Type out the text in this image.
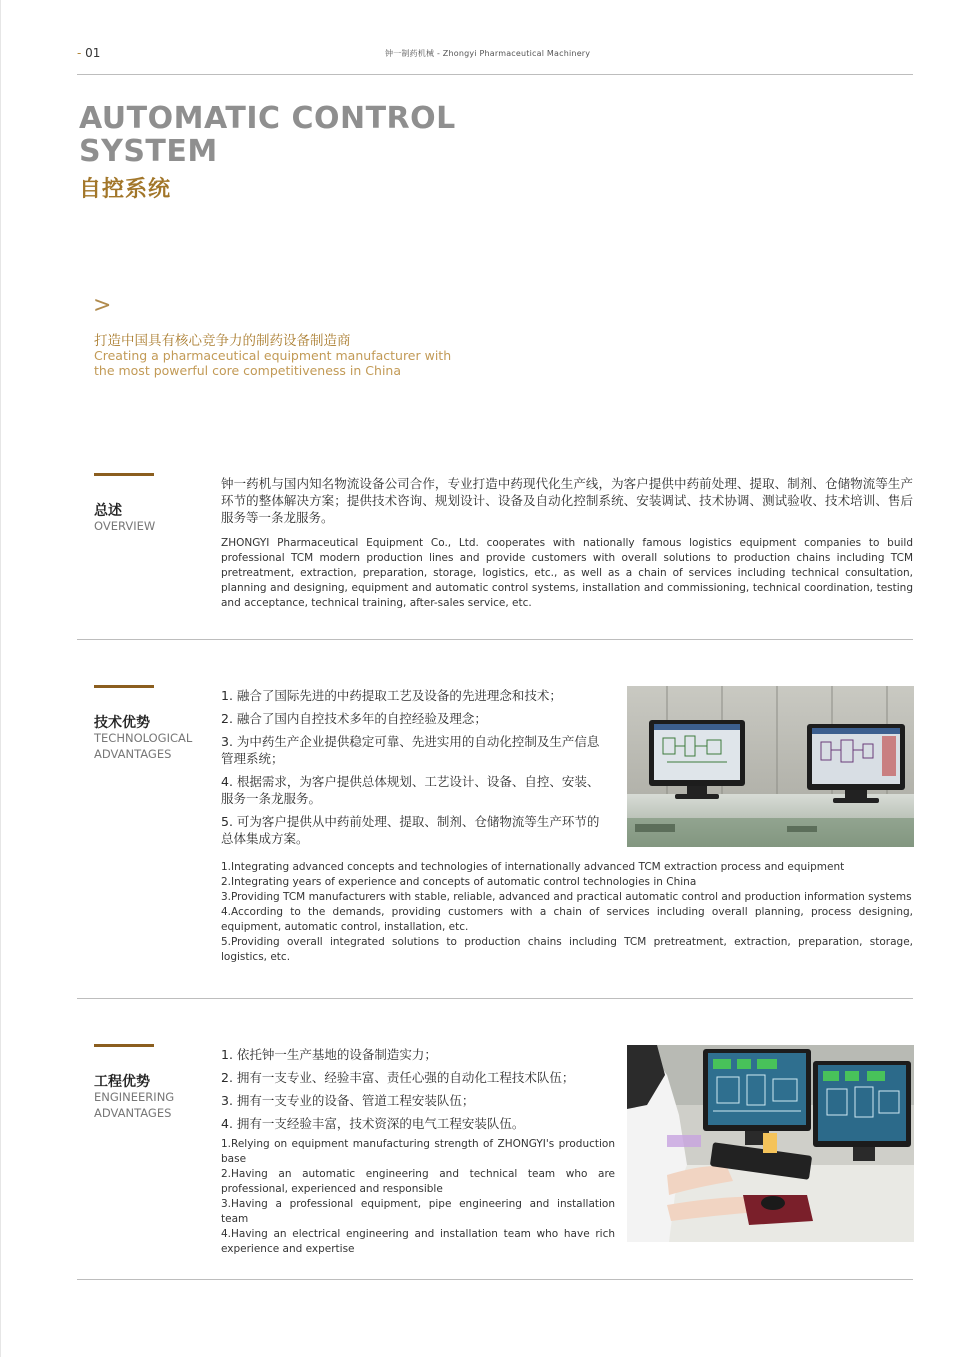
- 01	钟一制药机械 - Zhongyi Pharmaceutical Machinery
AUTOMATIC CONTROL
SYSTEM
自控系统
>
打造中国具有核心竞争力的制药设备制造商
Creating a pharmaceutical equipment manufacturer with
the most powerful core competitiveness in China
总述
OVERVIEW
钟一药机与国内知名物流设备公司合作，专业打造中药现代化生产线，为客户提供中药前处理、提取、制剂、仓储物流等生产环节的整体解决方案；提供技术咨询、规划设计、设备及自动化控制系统、安装调试、技术协调、测试验收、技术培训、售后服务等一条龙服务。
ZHONGYI Pharmaceutical Equipment Co., Ltd. cooperates with nationally famous logistics equipment companies to build professional TCM modern production lines and provide customers with overall solutions to production chains including TCM pretreatment, extraction, preparation, storage, logistics, etc., as well as a chain of services including technical consultation, planning and designing, equipment and automatic control systems, installation and commissioning, technical coordination, testing and acceptance, technical training, after-sales service, etc.
技术优势
TECHNOLOGICAL
ADVANTAGES
1. 融合了国际先进的中药提取工艺及设备的先进理念和技术；
2. 融合了国内自控技术多年的自控经验及理念；
3. 为中药生产企业提供稳定可靠、先进实用的自动化控制及生产信息管理系统；
4. 根据需求，为客户提供总体规划、工艺设计、设备、自控、安装、服务一条龙服务。
5. 可为客户提供从中药前处理、提取、制剂、仓储物流等生产环节的总体集成方案。
1.Integrating advanced concepts and technologies of internationally advanced TCM extraction process and equipment
2.Integrating years of experience and concepts of automatic control technologies in China
3.Providing TCM manufacturers with stable, reliable, advanced and practical automatic control and production information systems
4.According to the demands, providing customers with a chain of services including overall planning, process designing, equipment, automatic control, installation, etc.
5.Providing overall integrated solutions to production chains including TCM pretreatment, extraction, preparation, storage, logistics, etc.
工程优势
ENGINEERING
ADVANTAGES
1. 依托钟一生产基地的设备制造实力；
2. 拥有一支专业、经验丰富、责任心强的自动化工程技术队伍；
3. 拥有一支专业的设备、管道工程安装队伍；
4. 拥有一支经验丰富，技术资深的电气工程安装队伍。
1.Relying on equipment manufacturing strength of ZHONGYI's production base
2.Having an automatic engineering and technical team who are professional, experienced and responsible
3.Having a professional equipment, pipe engineering and installation team
4.Having an electrical engineering and installation team who have rich experience and expertise
